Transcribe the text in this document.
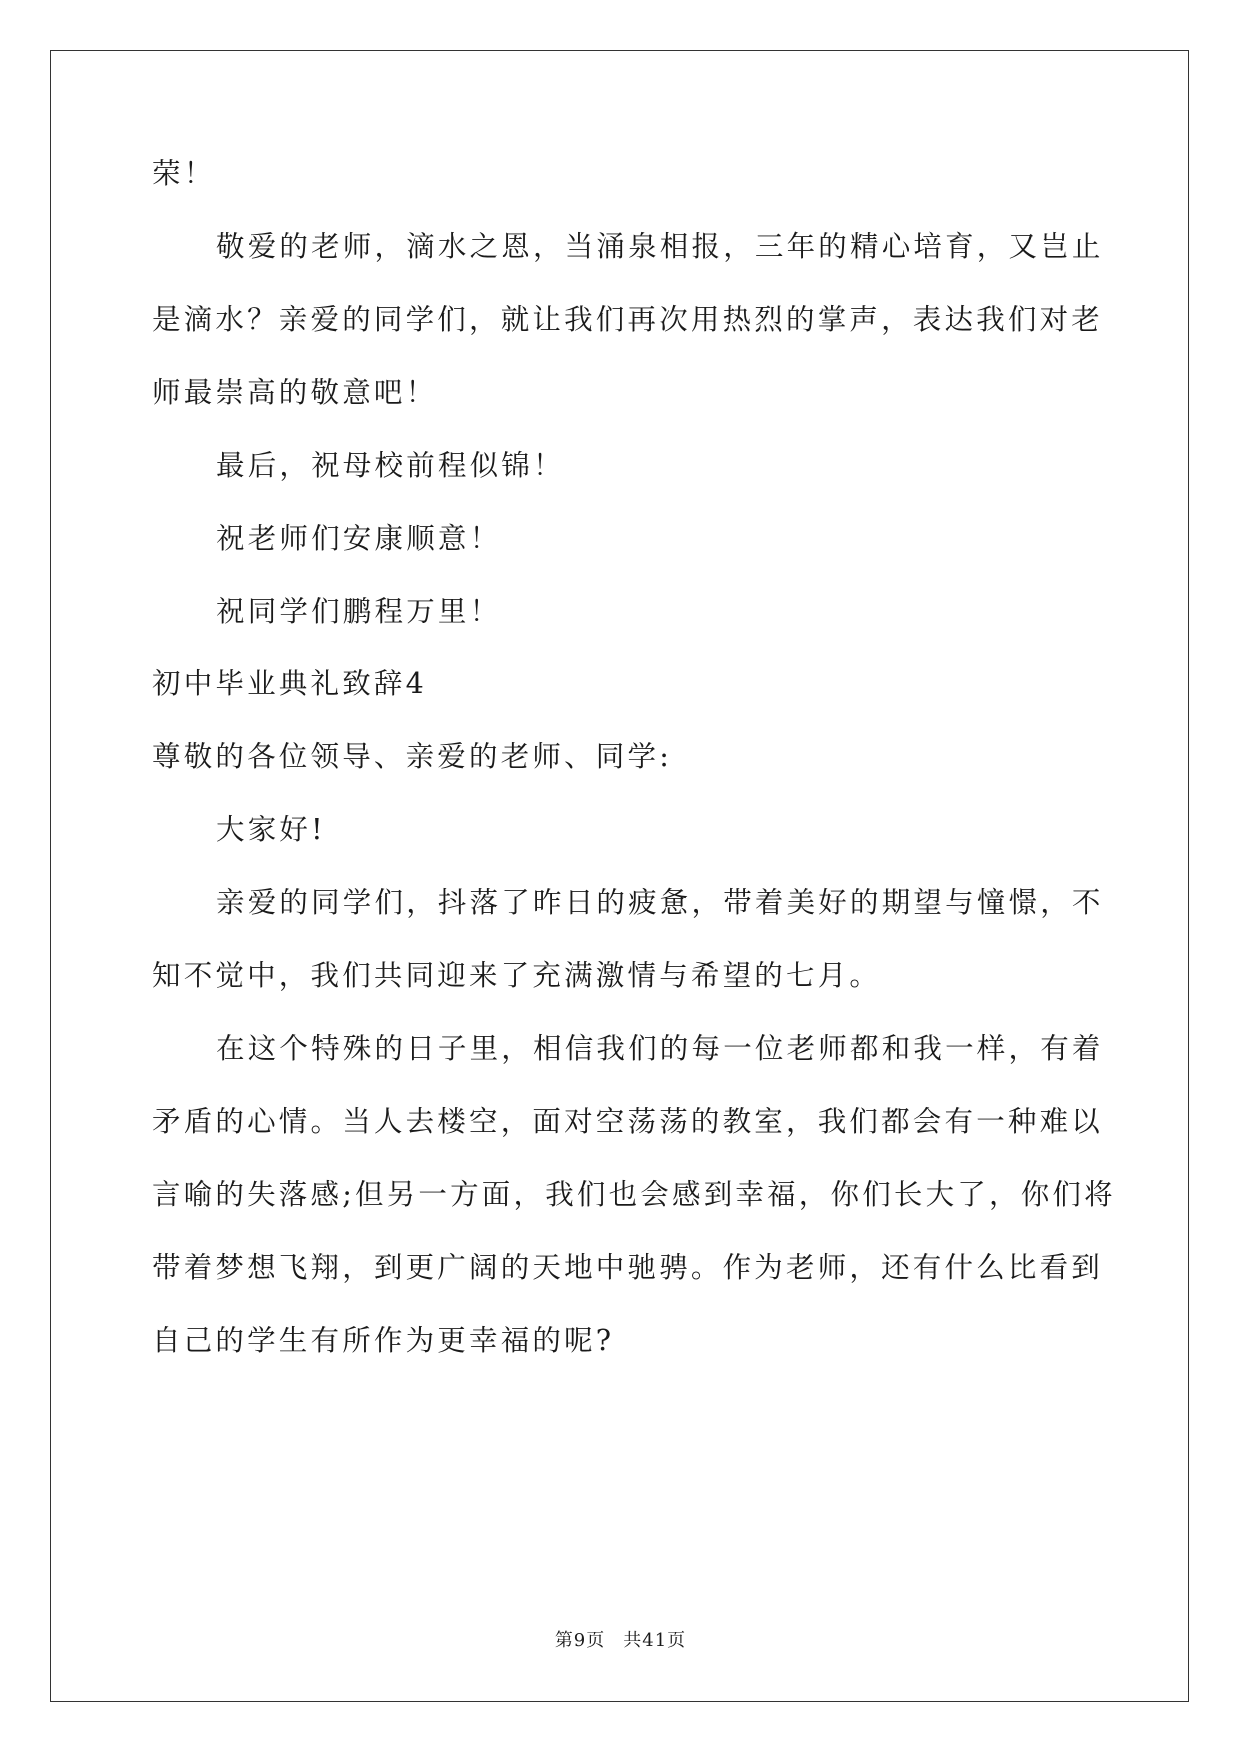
荣！
敬爱的老师，滴水之恩，当涌泉相报，三年的精心培育，又岂止
是滴水？亲爱的同学们，就让我们再次用热烈的掌声，表达我们对老
师最崇高的敬意吧！
最后，祝母校前程似锦！
祝老师们安康顺意！
祝同学们鹏程万里！
初中毕业典礼致辞4
尊敬的各位领导、亲爱的老师、同学:
大家好!
亲爱的同学们，抖落了昨日的疲惫，带着美好的期望与憧憬，不
知不觉中，我们共同迎来了充满激情与希望的七月。
在这个特殊的日子里，相信我们的每一位老师都和我一样，有着
矛盾的心情。当人去楼空，面对空荡荡的教室，我们都会有一种难以
言喻的失落感;但另一方面，我们也会感到幸福，你们长大了，你们将
带着梦想飞翔，到更广阔的天地中驰骋。作为老师，还有什么比看到
自己的学生有所作为更幸福的呢?
第9页 共41页
